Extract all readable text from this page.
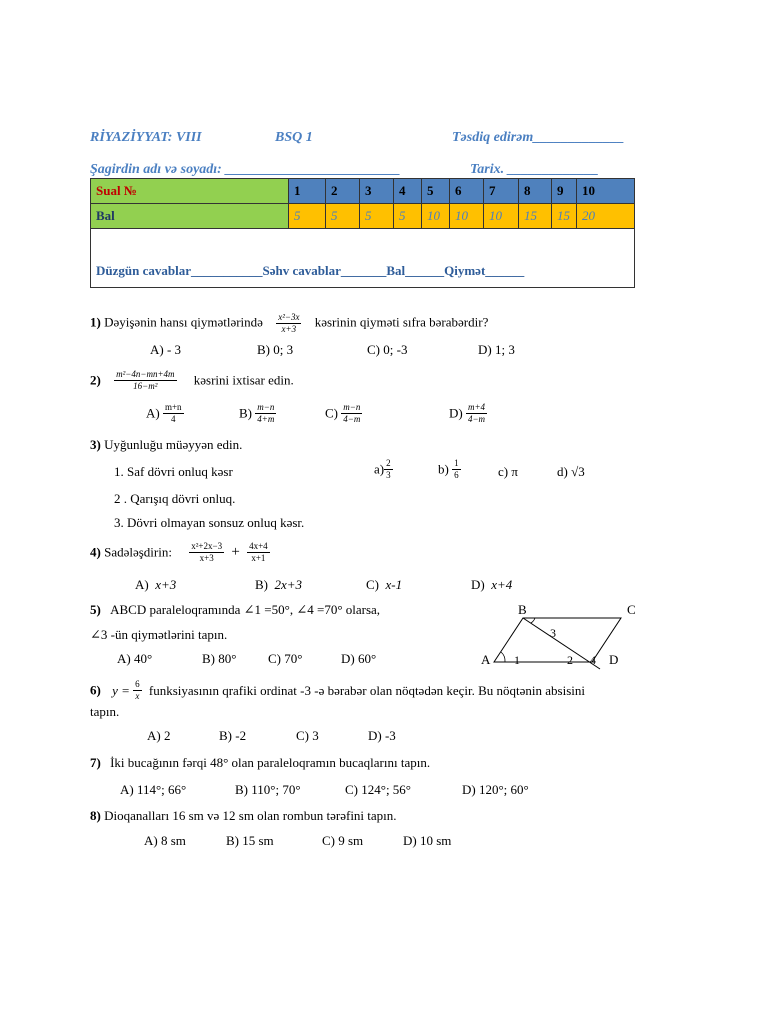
RİYAZİYYAT: VIII	BSQ 1	Təsdiq edirəm_____________
Şagirdin adı və soyadı: _________________________	Tarix. _____________
Sual №	1	2	3	4	5	6	7	8	9	10
Bal	5	5	5	5	10	10	10	15	15	20
Düzgün cavablar___________Səhv cavablar_______Bal______Qiymət______										
1) Dəyişənin hansı qiymətlərində $\frac{\text{x²−3x}}{x+3}$ kəsrinin qiyməti sıfra bərabərdir?
A) - 3	B) 0; 3	C) 0; -3	D) 1; 3
$2) \frac{\text{m²−4n−mn+4m}}{\text{16−m²}}$ kəsrini ixtisar edin.
$A) \frac{m+n}{4}$	$B) \frac{m-n}{4+m}$	$C) \frac{m-n}{4-m}$	$D) \frac{m+4}{4-m}$
3) Uyğunluğu müəyyən edin.
1. Saf dövri onluq kəsr
2 . Qarışıq dövri onluq.
3. Dövri olmayan sonsuz onluq kəsr.
$a) \frac{2}{3}$	$b) \frac{1}{6}$	c) π	d) √3
4) Sadələşdirin: $\frac{\text{x²+2x−3}}{x+3} + \frac{4x+4}{x+1}$
A) x+3	B) 2x+3	C) x-1	D) x+4
5) ABCD paraleloqramında ∠1 =50°, ∠4 =70° olarsa,
∠3 -ün qiymətlərini tapın.
A) 40°	B) 80° C) 70°	D) 60°
B	C
A	D
1	2
3
4
6) $y = \frac{6}{x}$ funksiyasının qrafiki ordinat -3 -ə bərabər olan nöqtədən keçir. Bu nöqtənin absisini
tapın.
A) 2	B) -2	C) 3	D) -3
7) İki bucağının fərqi 48° olan paraleloqramın bucaqlarını tapın.
A) 114°; 66°	B) 110°; 70°	C) 124°; 56°	D) 120°; 60°
8) Dioqanalları 16 sm və 12 sm olan rombun tərəfini tapın.
A) 8 sm	B) 15 sm	C) 9 sm	D) 10 sm
